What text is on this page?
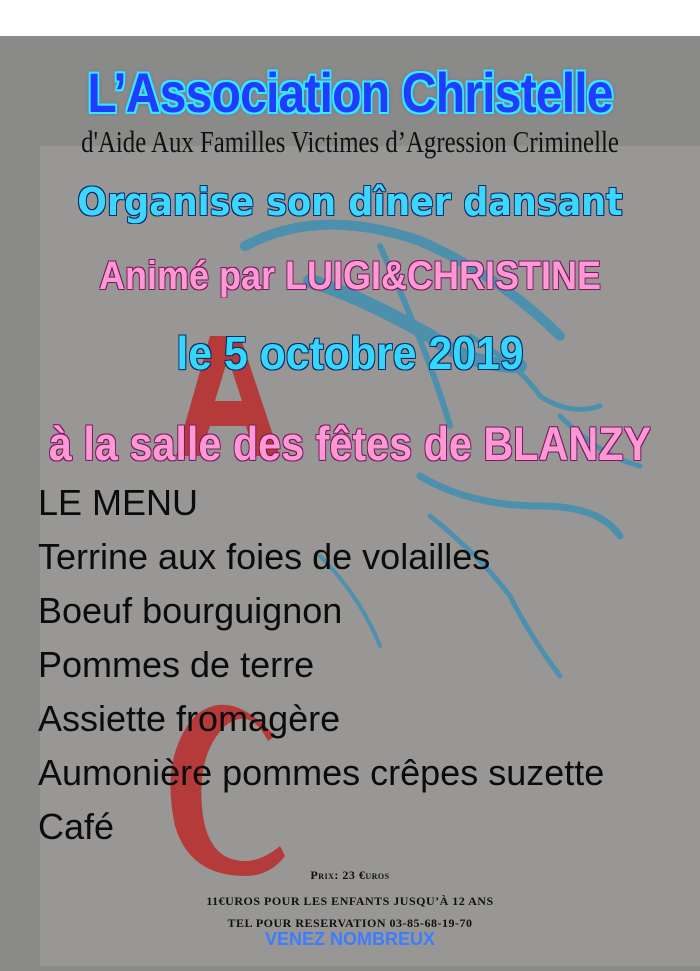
L’Association Christelle
d'Aide Aux Familles Victimes d’Agression Criminelle
Organise son dîner dansant
Animé par LUIGI&CHRISTINE
le 5 octobre 2019
à la salle des fêtes de BLANZY
LE MENU
Terrine aux foies de volailles
Boeuf bourguignon
Pommes de terre
Assiette fromagère
Aumonière pommes crêpes suzette
Café
Prix: 23 €uros
11€UROS POUR LES ENFANTS JUSQU’À 12 ANS
TEL POUR RESERVATION 03-85-68-19-70
VENEZ NOMBREUX
